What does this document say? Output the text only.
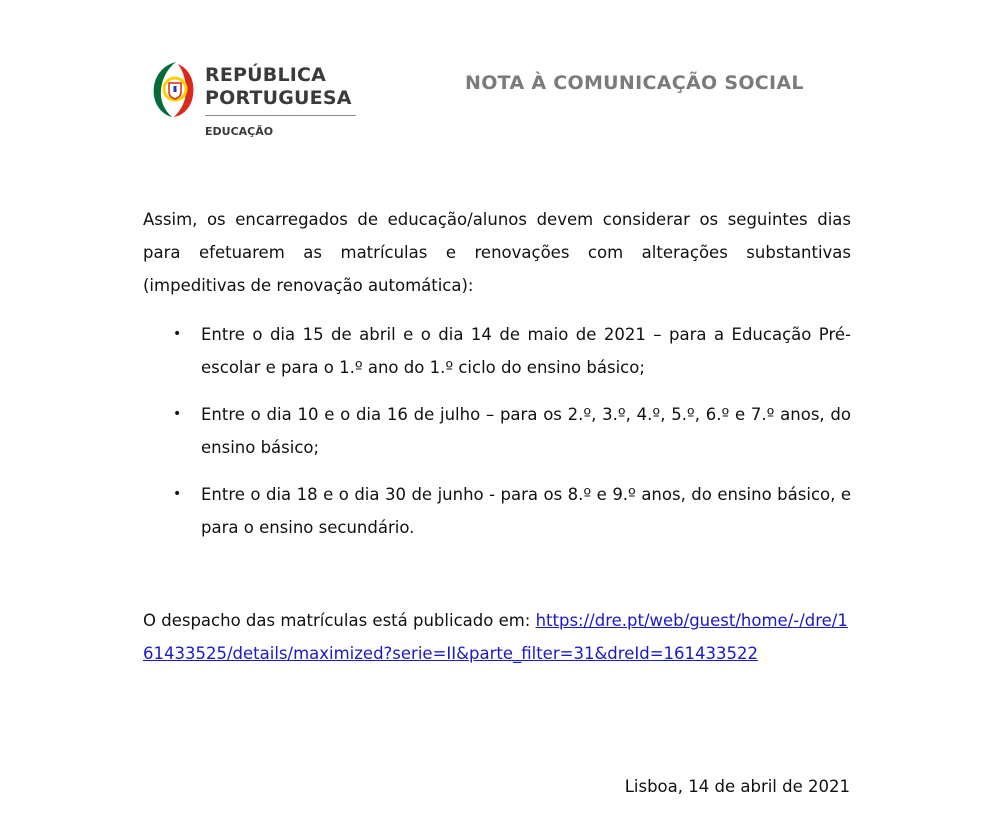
REPÚBLICA
PORTUGUESA
EDUCAÇÃO
NOTA À COMUNICAÇÃO SOCIAL

Assim, os encarregados de educação/alunos devem considerar os seguintes dias para efetuarem as matrículas e renovações com alterações substantivas (impeditivas de renovação automática):

• Entre o dia 15 de abril e o dia 14 de maio de 2021 – para a Educação Pré-escolar e para o 1.º ano do 1.º ciclo do ensino básico;
• Entre o dia 10 e o dia 16 de julho – para os 2.º, 3.º, 4.º, 5.º, 6.º e 7.º anos, do ensino básico;
• Entre o dia 18 e o dia 30 de junho - para os 8.º e 9.º anos, do ensino básico, e para o ensino secundário.

O despacho das matrículas está publicado em: https://dre.pt/web/guest/home/-/dre/161433525/details/maximized?serie=II&parte_filter=31&dreId=161433522

Lisboa, 14 de abril de 2021
